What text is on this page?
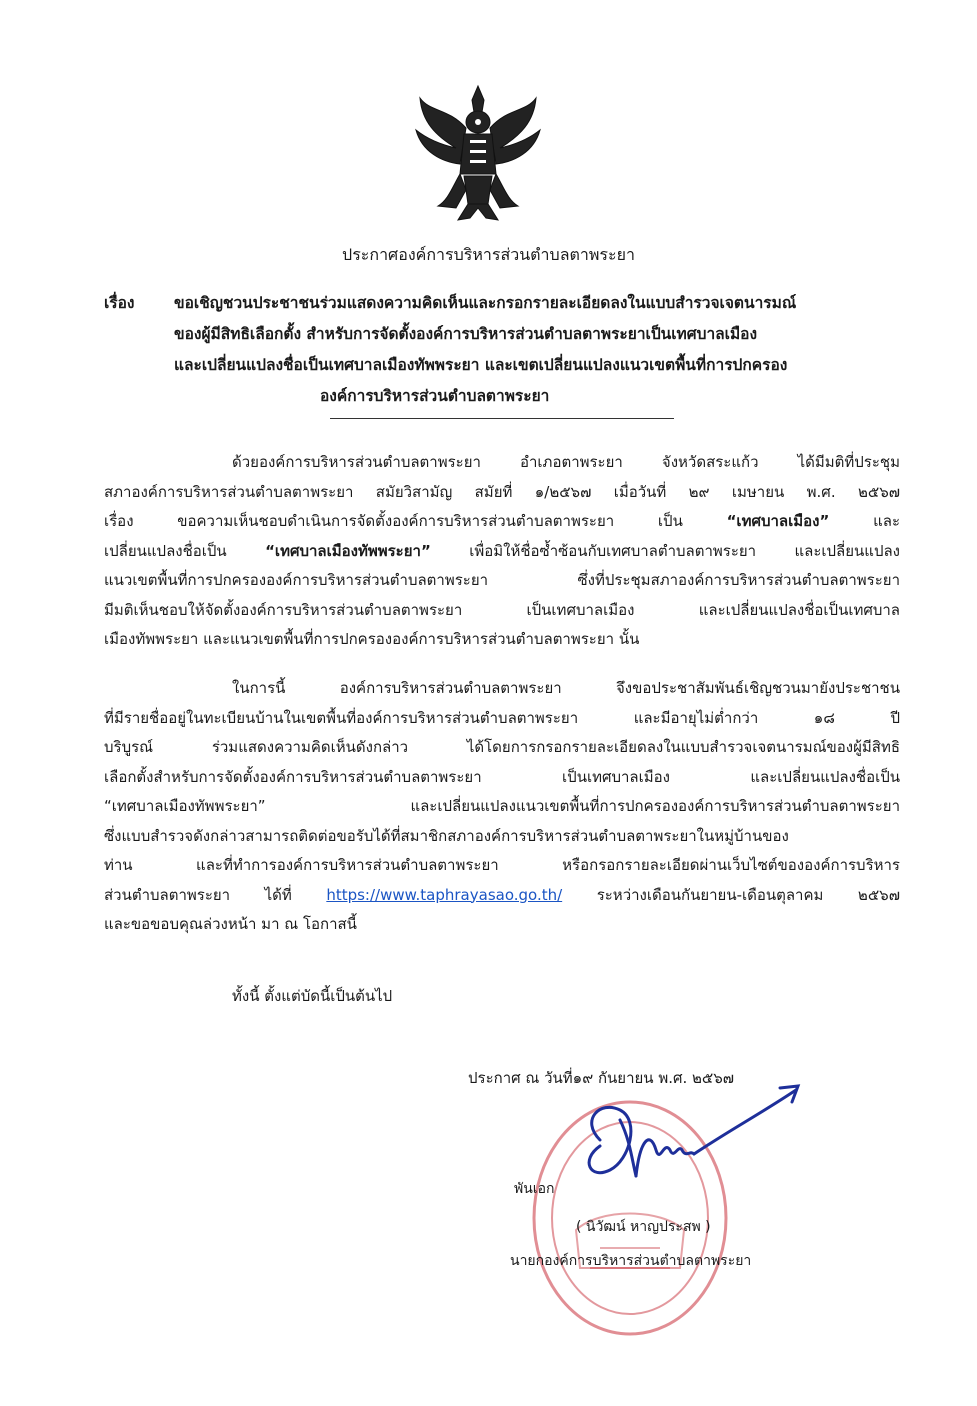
ประกาศองค์การบริหารส่วนตำบลตาพระยา
เรื่อง	ขอเชิญชวนประชาชนร่วมแสดงความคิดเห็นและกรอกรายละเอียดลงในแบบสำรวจเจตนารมณ์
ของผู้มีสิทธิเลือกตั้ง สำหรับการจัดตั้งองค์การบริหารส่วนตำบลตาพระยาเป็นเทศบาลเมือง
และเปลี่ยนแปลงชื่อเป็นเทศบาลเมืองทัพพระยา และเขตเปลี่ยนแปลงแนวเขตพื้นที่การปกครอง
องค์การบริหารส่วนตำบลตาพระยา
ด้วยองค์การบริหารส่วนตำบลตาพระยา อำเภอตาพระยา จังหวัดสระแก้ว ได้มีมติที่ประชุม
สภาองค์การบริหารส่วนตำบลตาพระยา สมัยวิสามัญ สมัยที่ ๑/๒๕๖๗ เมื่อวันที่ ๒๙ เมษายน พ.ศ. ๒๕๖๗
เรื่อง ขอความเห็นชอบดำเนินการจัดตั้งองค์การบริหารส่วนตำบลตาพระยา เป็น	“เทศบาลเมือง”	และ
เปลี่ยนแปลงชื่อเป็น	“เทศบาลเมืองทัพพระยา”	เพื่อมิให้ชื่อซ้ำซ้อนกับเทศบาลตำบลตาพระยา และเปลี่ยนแปลง
แนวเขตพื้นที่การปกครององค์การบริหารส่วนตำบลตาพระยา ซึ่งที่ประชุมสภาองค์การบริหารส่วนตำบลตาพระยา
มีมติเห็นชอบให้จัดตั้งองค์การบริหารส่วนตำบลตาพระยา เป็นเทศบาลเมือง และเปลี่ยนแปลงชื่อเป็นเทศบาล
เมืองทัพพระยา และแนวเขตพื้นที่การปกครององค์การบริหารส่วนตำบลตาพระยา นั้น
ในการนี้ องค์การบริหารส่วนตำบลตาพระยา จึงขอประชาสัมพันธ์เชิญชวนมายังประชาชน
ที่มีรายชื่ออยู่ในทะเบียนบ้านในเขตพื้นที่องค์การบริหารส่วนตำบลตาพระยา และมีอายุไม่ต่ำกว่า ๑๘ ปี
บริบูรณ์ ร่วมแสดงความคิดเห็นดังกล่าว ได้โดยการกรอกรายละเอียดลงในแบบสำรวจเจตนารมณ์ของผู้มีสิทธิ
เลือกตั้งสำหรับการจัดตั้งองค์การบริหารส่วนตำบลตาพระยา เป็นเทศบาลเมือง และเปลี่ยนแปลงชื่อเป็น
“เทศบาลเมืองทัพพระยา” และเปลี่ยนแปลงแนวเขตพื้นที่การปกครององค์การบริหารส่วนตำบลตาพระยา
ซึ่งแบบสำรวจดังกล่าวสามารถติดต่อขอรับได้ที่สมาชิกสภาองค์การบริหารส่วนตำบลตาพระยาในหมู่บ้านของ
ท่าน และที่ทำการองค์การบริหารส่วนตำบลตาพระยา หรือกรอกรายละเอียดผ่านเว็บไซต์ขององค์การบริหาร
ส่วนตำบลตาพระยา ได้ที่ https://www.taphrayasao.go.th/ ระหว่างเดือนกันยายน-เดือนตุลาคม ๒๕๖๗
และขอขอบคุณล่วงหน้า มา ณ โอกาสนี้
ทั้งนี้ ตั้งแต่บัดนี้เป็นต้นไป
ประกาศ ณ วันที่๑๙ กันยายน พ.ศ. ๒๕๖๗
พันเอก
( นิวัฒน์ หาญประสพ )
นายกองค์การบริหารส่วนตำบลตาพระยา
